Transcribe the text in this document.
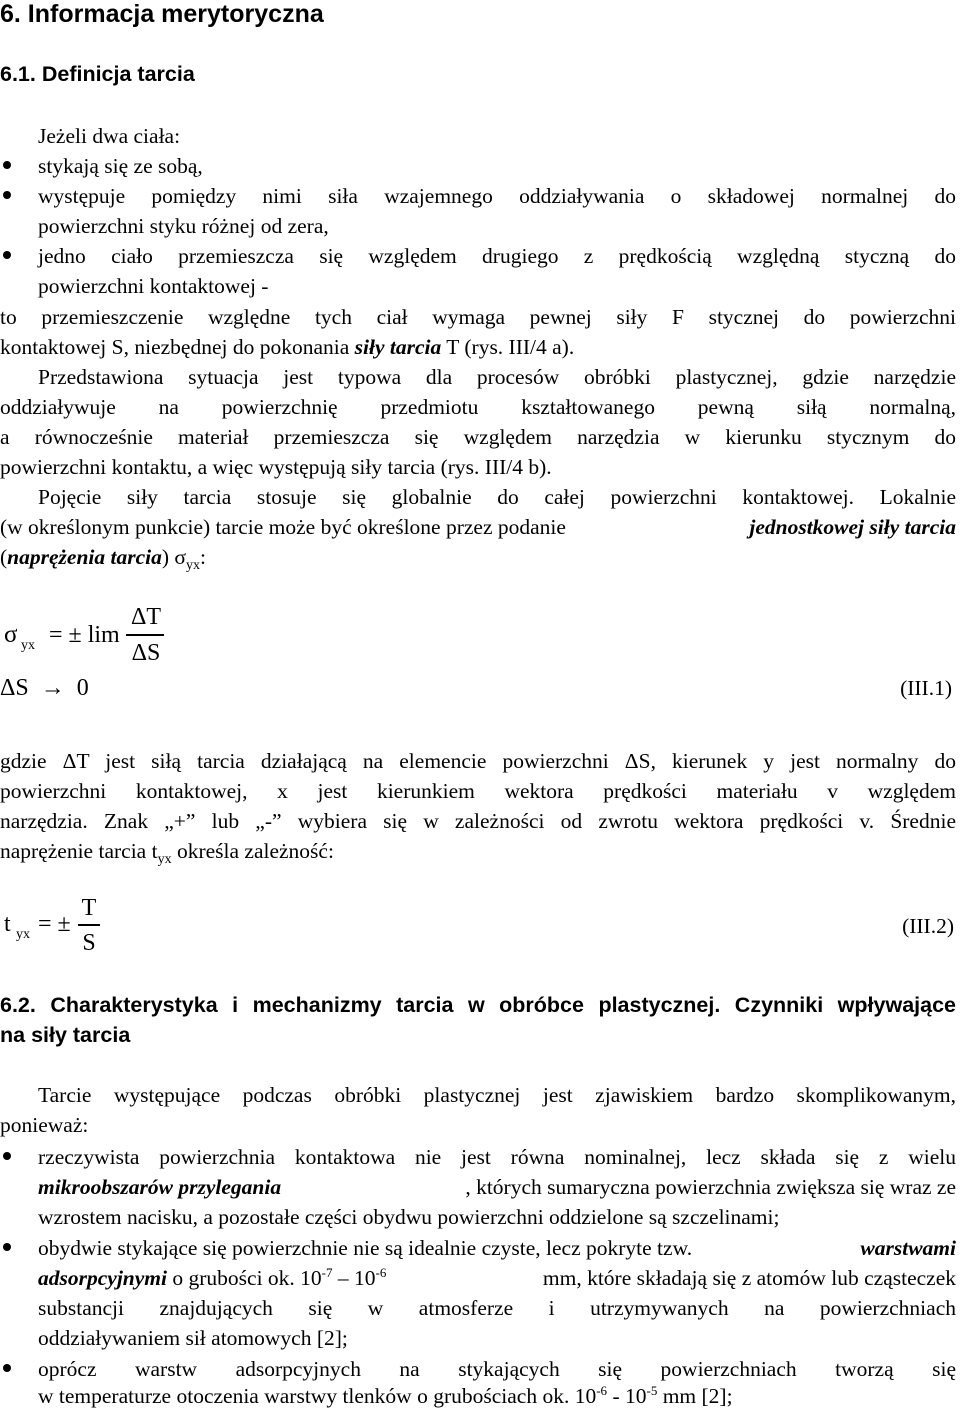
6. Informacja merytoryczna
6.1. Definicja tarcia
Jeżeli dwa ciała:
stykają się ze sobą,
występuje pomiędzy nimi siła wzajemnego oddziaływania o składowej normalnej do
powierzchni styku różnej od zera,
jedno ciało przemieszcza się względem drugiego z prędkością względną styczną do
powierzchni kontaktowej -
to przemieszczenie względne tych ciał wymaga pewnej siły F stycznej do powierzchni
kontaktowej S, niezbędnej do pokonania siły tarcia T (rys. III/4 a).
Przedstawiona sytuacja jest typowa dla procesów obróbki plastycznej, gdzie narzędzie
oddziaływuje na powierzchnię przedmiotu kształtowanego pewną siłą normalną,
a równocześnie materiał przemieszcza się względem narzędzia w kierunku stycznym do
powierzchni kontaktu, a więc występują siły tarcia (rys. III/4 b).
Pojęcie siły tarcia stosuje się globalnie do całej powierzchni kontaktowej. Lokalnie
(w określonym punkcie) tarcie może być określone przez podanie	jednostkowej siły tarcia
(naprężenia tarcia) $\sigma_{yx}$:
σ yx = ± lim
ΔT
ΔS
ΔS → 0	(III.1)
gdzie ΔT jest siłą tarcia działającą na elemencie powierzchni ΔS, kierunek y jest normalny do
powierzchni kontaktowej, x jest kierunkiem wektora prędkości materiału v względem
narzędzia. Znak „+” lub „-” wybiera się w zależności od zwrotu wektora prędkości v. Średnie
naprężenie tarcia $t_{yx}$ określa zależność:
t yx = ±
T
S
(III.2)
6.2. Charakterystyka i mechanizmy tarcia w obróbce plastycznej. Czynniki wpływające
na siły tarcia
Tarcie występujące podczas obróbki plastycznej jest zjawiskiem bardzo skomplikowanym,
ponieważ:
rzeczywista powierzchnia kontaktowa nie jest równa nominalnej, lecz składa się z wielu
mikroobszarów przylegania	, których sumaryczna powierzchnia zwiększa się wraz ze
wzrostem nacisku, a pozostałe części obydwu powierzchni oddzielone są szczelinami;
obydwie stykające się powierzchnie nie są idealnie czyste, lecz pokryte tzw.	warstwami
adsorpcyjnymi o grubości ok. $10^{-7} - 10^{-6}$	mm, które składają się z atomów lub cząsteczek
substancji znajdujących się w atmosferze i utrzymywanych na powierzchniach
oddziaływaniem sił atomowych [2];
oprócz warstw adsorpcyjnych na stykających się powierzchniach tworzą się
w temperaturze otoczenia warstwy tlenków o grubościach ok. $10^{-6} - 10^{-5}$ mm [2];
